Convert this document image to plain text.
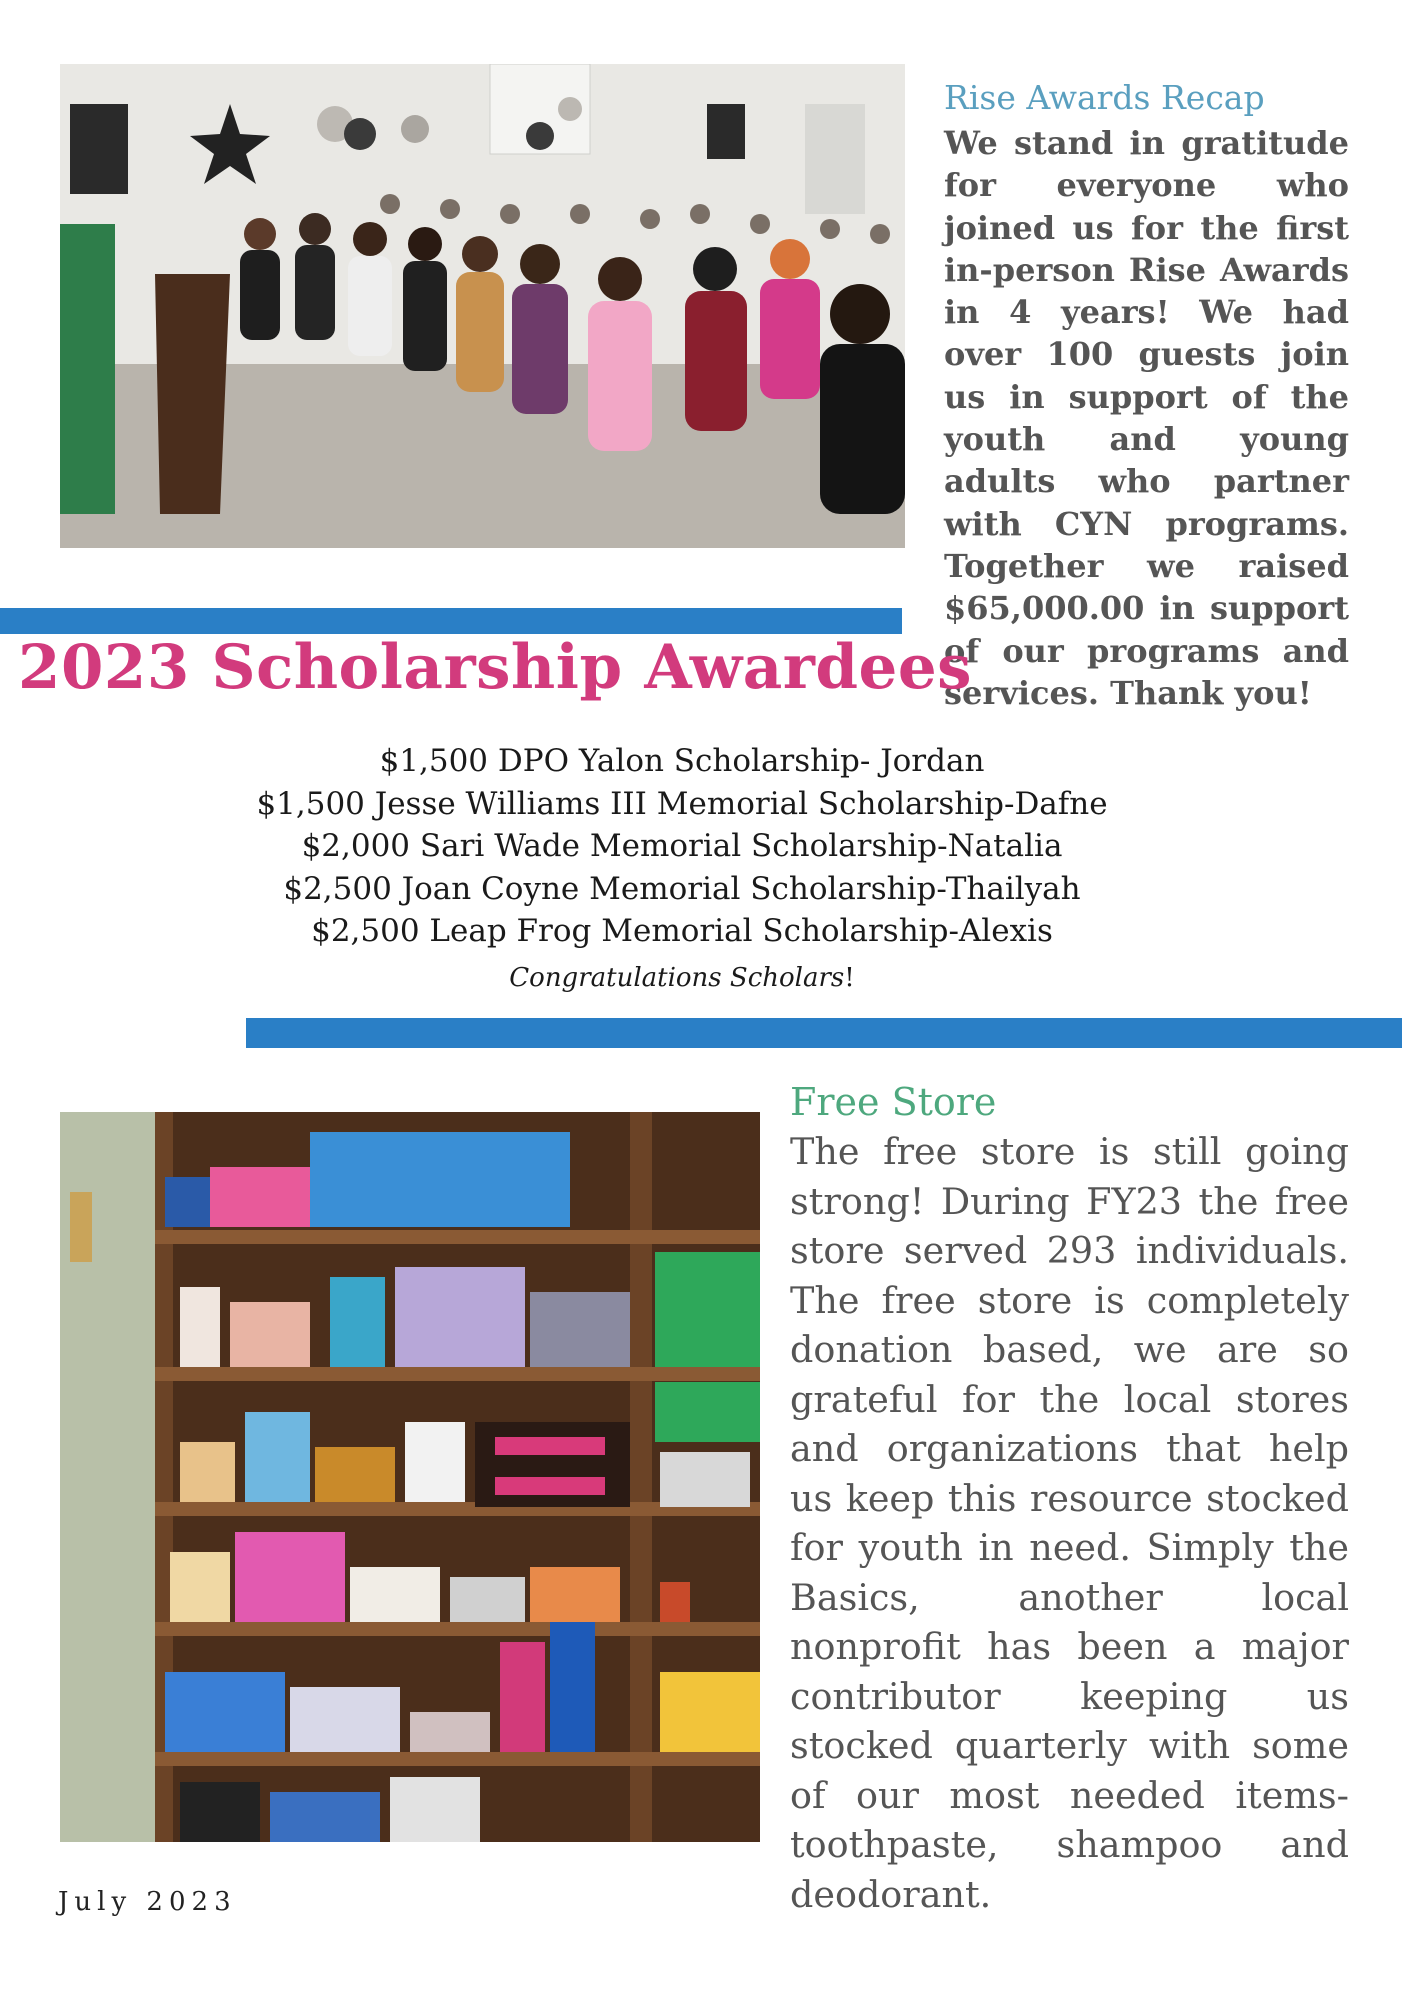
Rise Awards Recap

We stand in gratitude for everyone who joined us for the first in-person Rise Awards in 4 years! We had over 100 guests join us in support of the youth and young adults who partner with CYN programs. Together we raised $65,000.00 in support of our programs and services. Thank you!

2023 Scholarship Awardees
$1,500 DPO Yalon Scholarship- Jordan
$1,500 Jesse Williams III Memorial Scholarship-Dafne
$2,000 Sari Wade Memorial Scholarship-Natalia
$2,500 Joan Coyne Memorial Scholarship-Thailyah
$2,500 Leap Frog Memorial Scholarship-Alexis

Congratulations Scholars!

Free Store

The free store is still going strong! During FY23 the free store served 293 individuals. The free store is completely donation based, we are so grateful for the local stores and organizations that help us keep this resource stocked for youth in need. Simply the Basics, another local nonprofit has been a major contributor keeping us stocked quarterly with some of our most needed items-toothpaste, shampoo and deodorant.

July 2023
